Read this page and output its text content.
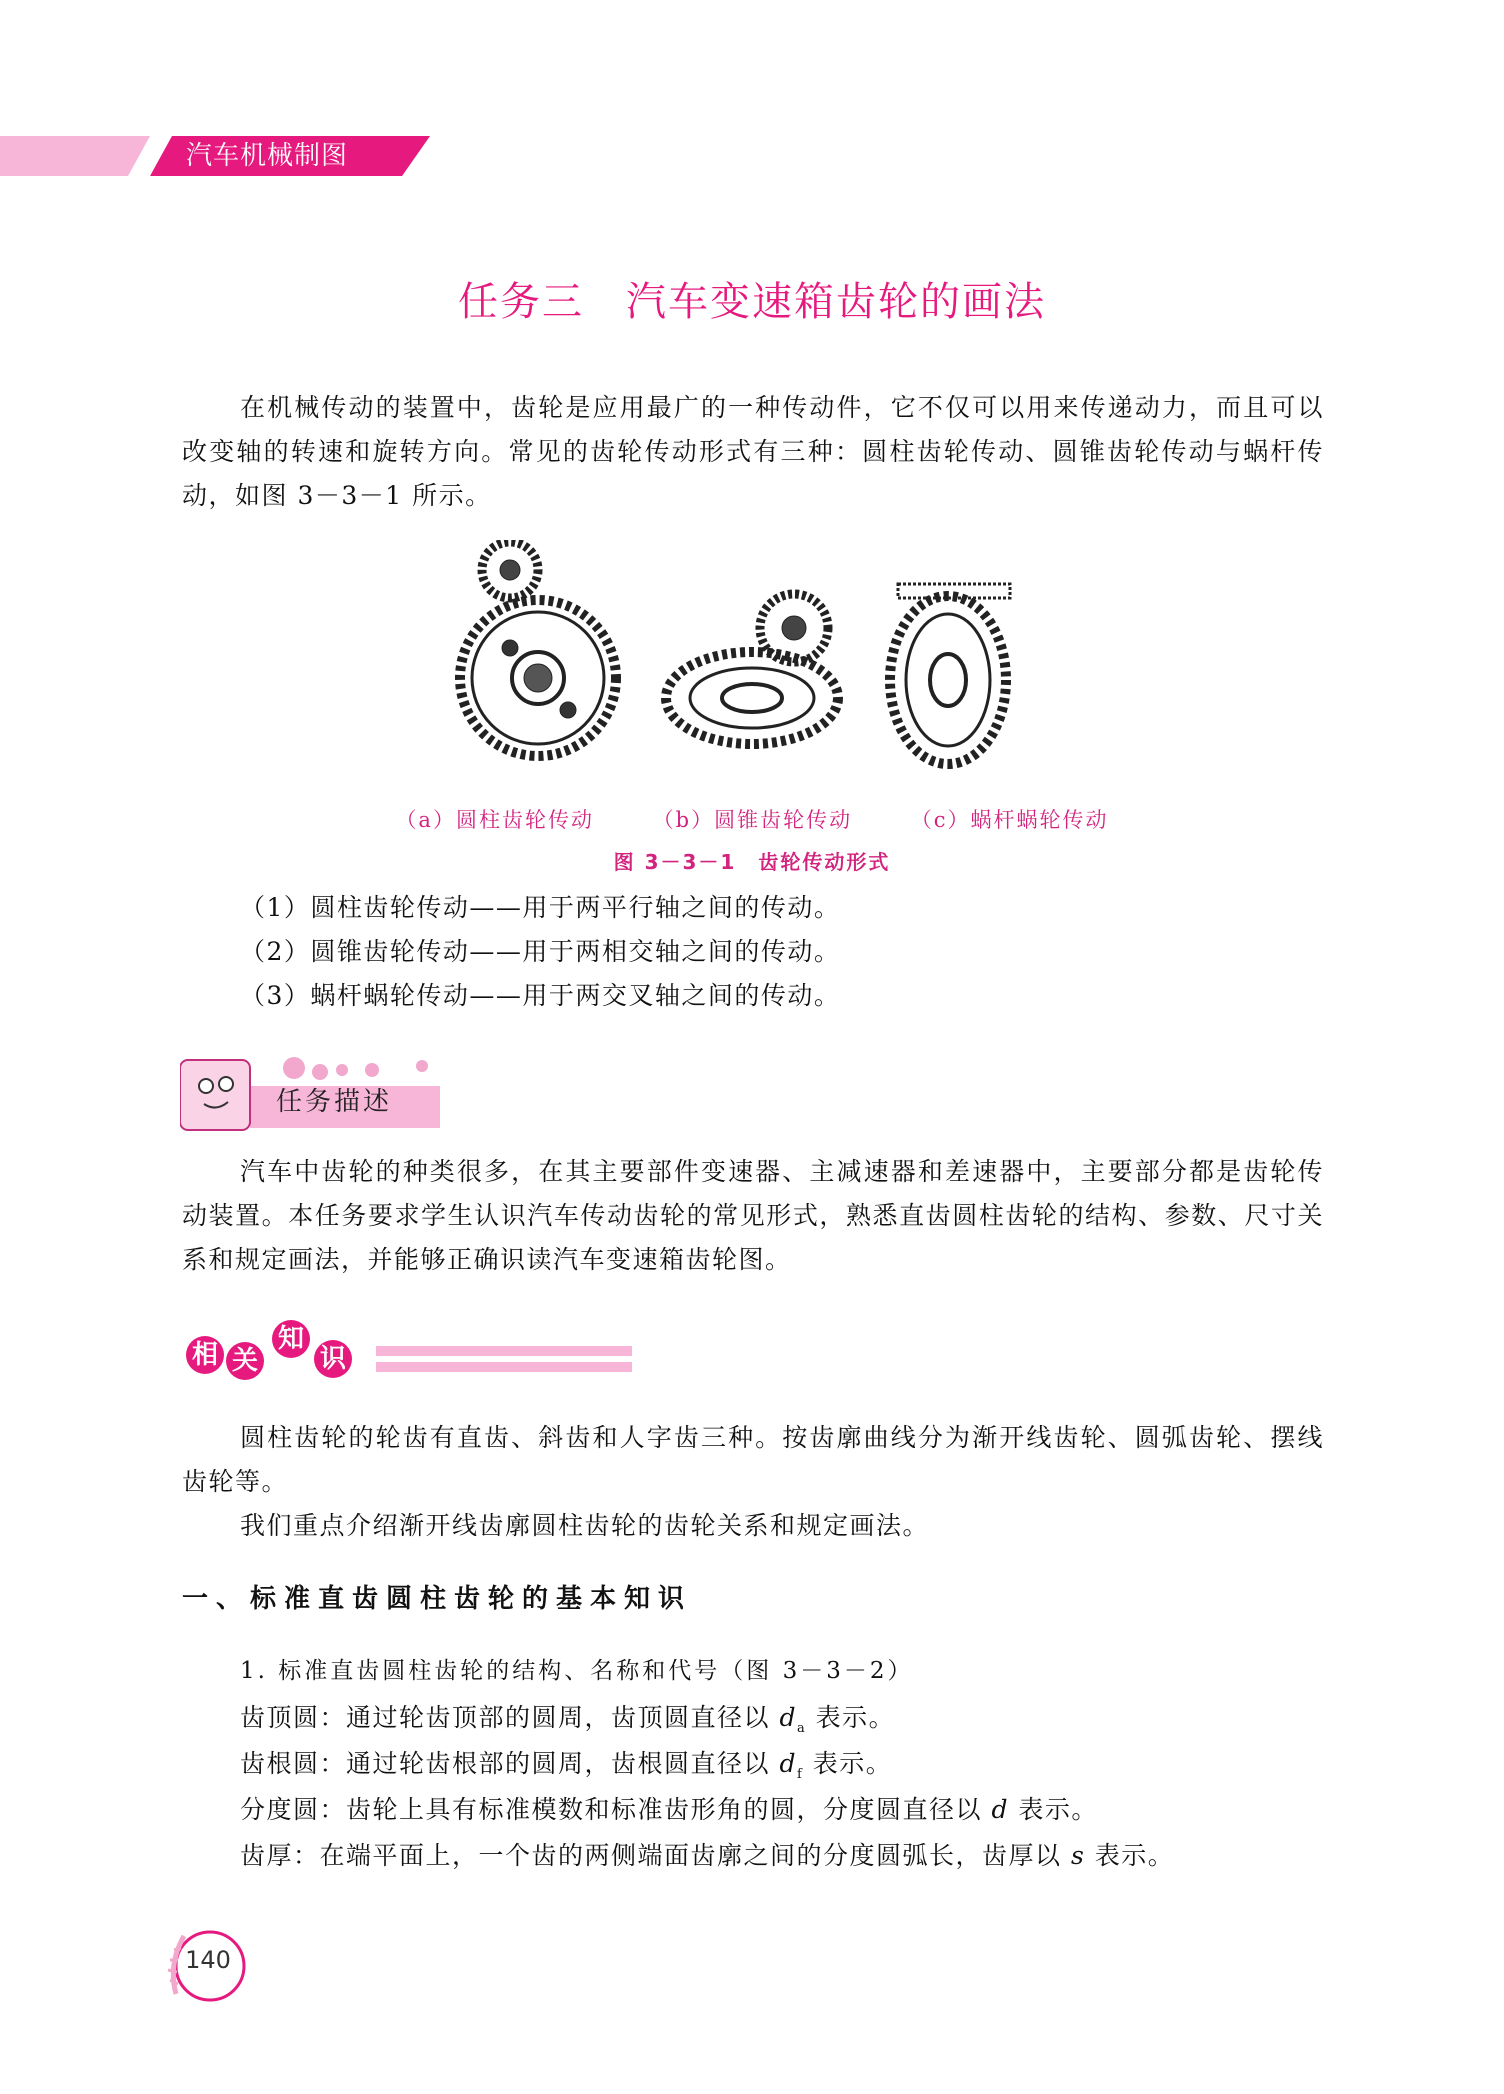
汽车机械制图
任务三　汽车变速箱齿轮的画法
在机械传动的装置中，齿轮是应用最广的一种传动件，它不仅可以用来传递动力，而且可以改变轴的转速和旋转方向。常见的齿轮传动形式有三种：圆柱齿轮传动、圆锥齿轮传动与蜗杆传动，如图 3－3－1 所示。
（a）圆柱齿轮传动	（b）圆锥齿轮传动	（c）蜗杆蜗轮传动
图 3－3－1　齿轮传动形式
（1）圆柱齿轮传动——用于两平行轴之间的传动。
（2）圆锥齿轮传动——用于两相交轴之间的传动。
（3）蜗杆蜗轮传动——用于两交叉轴之间的传动。
任务描述
汽车中齿轮的种类很多，在其主要部件变速器、主减速器和差速器中，主要部分都是齿轮传动装置。本任务要求学生认识汽车传动齿轮的常见形式，熟悉直齿圆柱齿轮的结构、参数、尺寸关系和规定画法，并能够正确识读汽车变速箱齿轮图。
相 关
知
识
圆柱齿轮的轮齿有直齿、斜齿和人字齿三种。按齿廓曲线分为渐开线齿轮、圆弧齿轮、摆线齿轮等。
我们重点介绍渐开线齿廓圆柱齿轮的齿轮关系和规定画法。
一、标准直齿圆柱齿轮的基本知识
1. 标准直齿圆柱齿轮的结构、名称和代号（图 3－3－2）
齿顶圆：通过轮齿顶部的圆周，齿顶圆直径以 $d_a$ 表示。
齿根圆：通过轮齿根部的圆周，齿根圆直径以 $d_f$ 表示。
分度圆：齿轮上具有标准模数和标准齿形角的圆，分度圆直径以 d 表示。
齿厚：在端平面上，一个齿的两侧端面齿廓之间的分度圆弧长，齿厚以 s 表示。
140
